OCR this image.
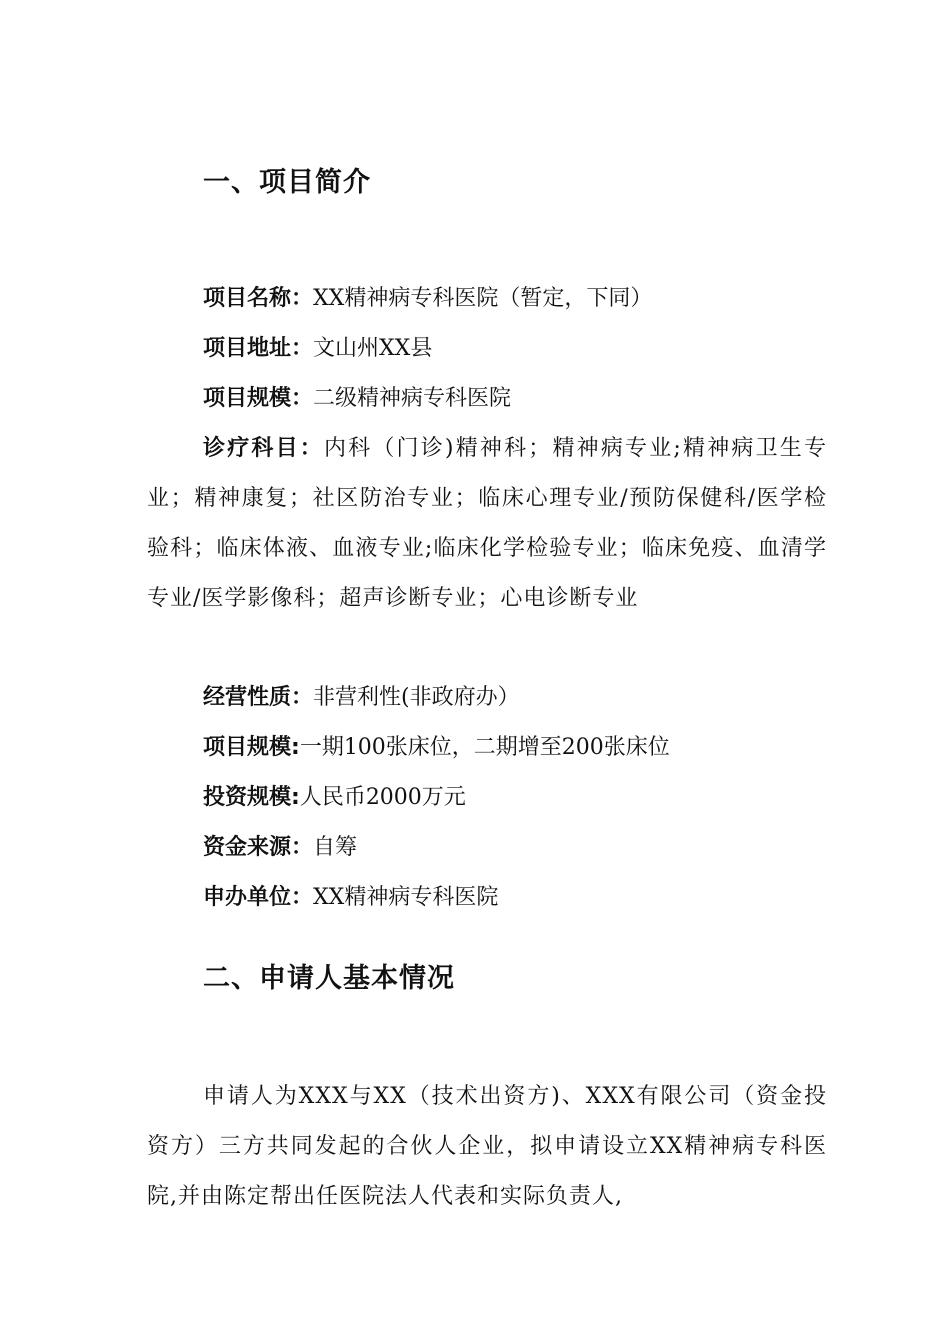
一、项目简介
项目名称：XX精神病专科医院（暂定，下同）
项目地址：文山州XX县
项目规模：二级精神病专科医院
诊疗科目：内科（门诊)精神科；精神病专业;精神病卫生专业；精神康复；社区防治专业；临床心理专业/预防保健科/医学检验科；临床体液、血液专业;临床化学检验专业；临床免疫、血清学专业/医学影像科；超声诊断专业；心电诊断专业
经营性质：非营利性(非政府办）
项目规模:一期100张床位，二期增至200张床位
投资规模:人民币2000万元
资金来源：自筹
申办单位：XX精神病专科医院
二、申请人基本情况
申请人为XXX与XX（技术出资方)、XXX有限公司（资金投资方）三方共同发起的合伙人企业，拟申请设立XX精神病专科医院,并由陈定帮出任医院法人代表和实际负责人,
